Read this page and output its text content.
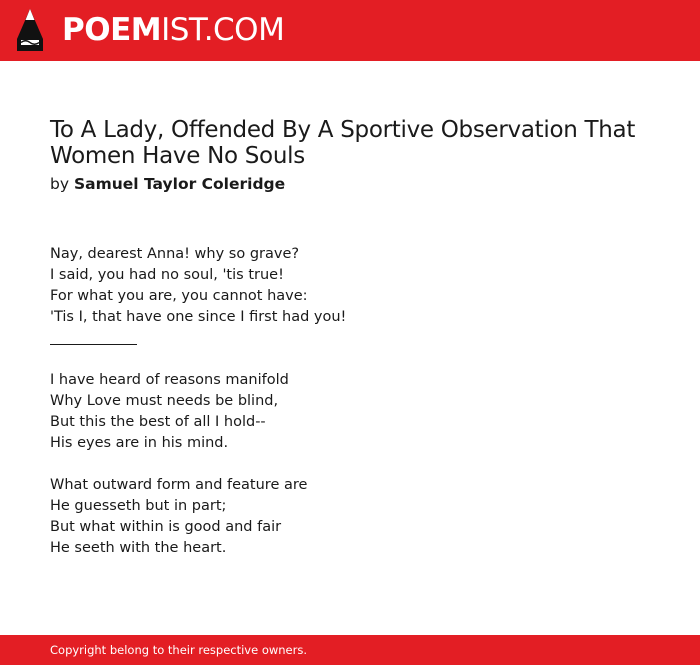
POEMIST.COM
To A Lady, Offended By A Sportive Observation That Women Have No Souls
by Samuel Taylor Coleridge
Nay, dearest Anna! why so grave?
I said, you had no soul, 'tis true!
For what you are, you cannot have:
'Tis I, that have one since I first had you!
I have heard of reasons manifold
Why Love must needs be blind,
But this the best of all I hold--
His eyes are in his mind.
What outward form and feature are
He guesseth but in part;
But what within is good and fair
He seeth with the heart.
Copyright belong to their respective owners.
